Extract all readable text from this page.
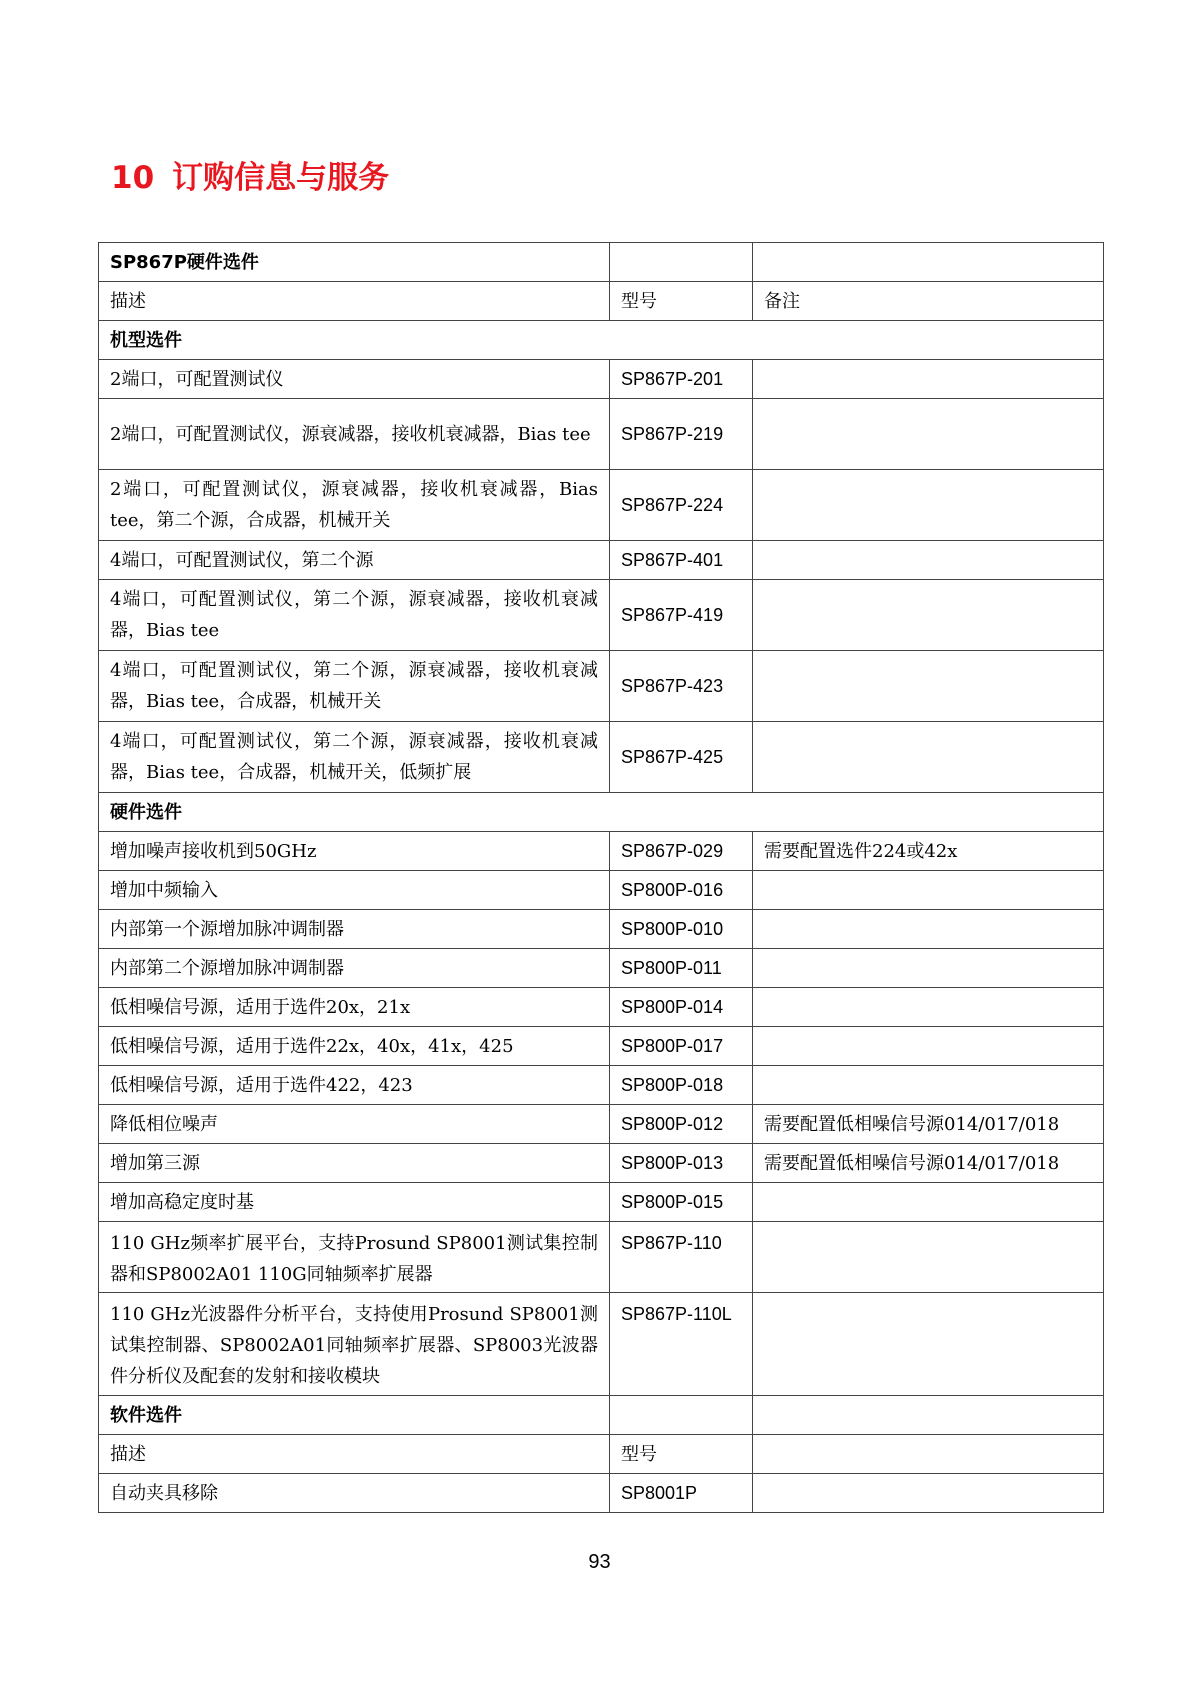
10 订购信息与服务
SP867P硬件选件		
描述	型号	备注
机型选件		
2端口，可配置测试仪	SP867P-201	
2端口，可配置测试仪，源衰减器，接收机衰减器，Bias tee	SP867P-219	
2端口，可配置测试仪，源衰减器，接收机衰减器，Bias tee，第二个源，合成器，机械开关	SP867P-224	
4端口，可配置测试仪，第二个源	SP867P-401	
4端口，可配置测试仪，第二个源，源衰减器，接收机衰减器，Bias tee	SP867P-419	
4端口，可配置测试仪，第二个源，源衰减器，接收机衰减器，Bias tee，合成器，机械开关	SP867P-423	
4端口，可配置测试仪，第二个源，源衰减器，接收机衰减器，Bias tee，合成器，机械开关，低频扩展	SP867P-425	
硬件选件		
增加噪声接收机到50GHz	SP867P-029	需要配置选件224或42x
增加中频输入	SP800P-016	
内部第一个源增加脉冲调制器	SP800P-010	
内部第二个源增加脉冲调制器	SP800P-011	
低相噪信号源，适用于选件20x，21x	SP800P-014	
低相噪信号源，适用于选件22x，40x，41x，425	SP800P-017	
低相噪信号源，适用于选件422，423	SP800P-018	
降低相位噪声	SP800P-012	需要配置低相噪信号源014/017/018
增加第三源	SP800P-013	需要配置低相噪信号源014/017/018
增加高稳定度时基	SP800P-015	
110 GHz频率扩展平台，支持Prosund SP8001测试集控制器和SP8002A01 110G同轴频率扩展器	SP867P-110	
110 GHz光波器件分析平台，支持使用Prosund SP8001测试集控制器、SP8002A01同轴频率扩展器、SP8003光波器件分析仪及配套的发射和接收模块	SP867P-110L	
软件选件		
描述	型号	
自动夹具移除	SP8001P	
93
